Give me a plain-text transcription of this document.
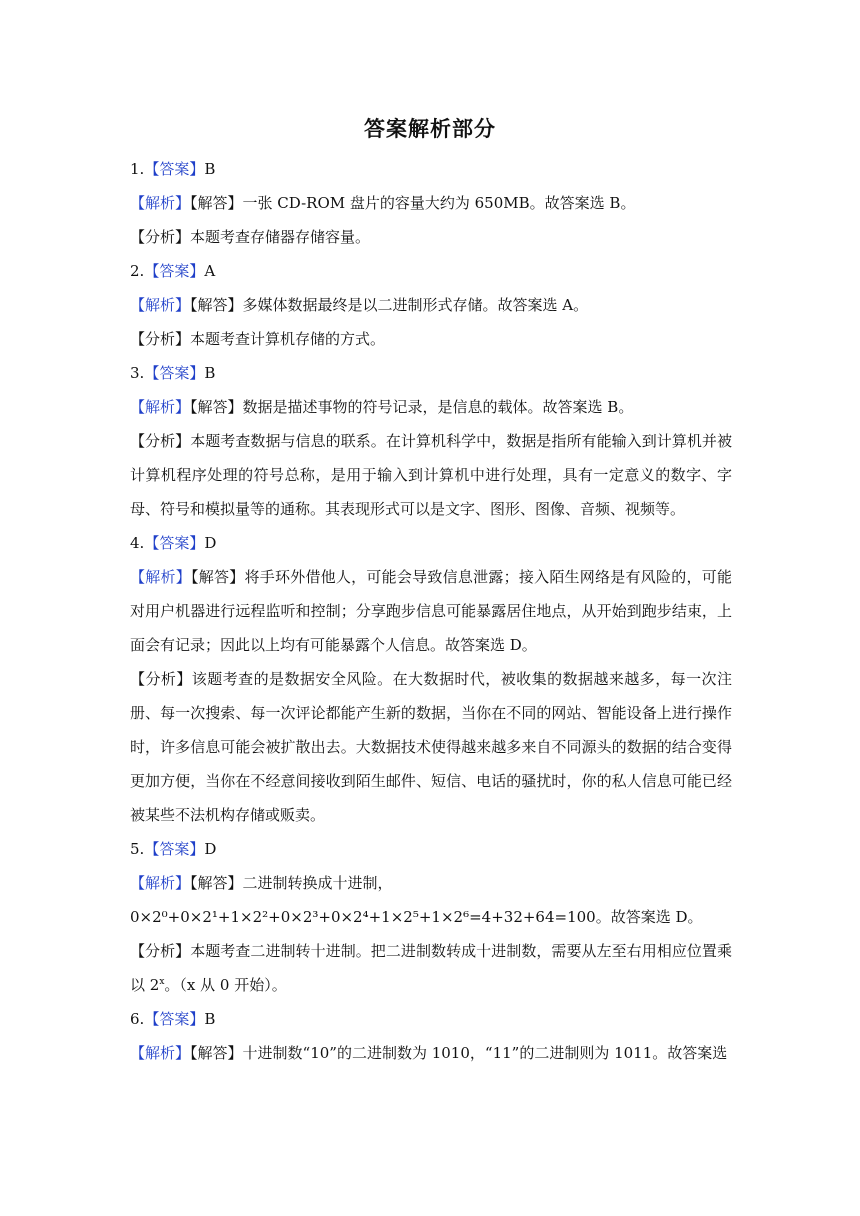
答案解析部分
1.【答案】B
【解析】【解答】一张 CD-ROM 盘片的容量大约为 650MB。故答案选 B。
【分析】本题考查存储器存储容量。
2.【答案】A
【解析】【解答】多媒体数据最终是以二进制形式存储。故答案选 A。
【分析】本题考查计算机存储的方式。
3.【答案】B
【解析】【解答】数据是描述事物的符号记录，是信息的载体。故答案选 B。
【分析】本题考查数据与信息的联系。在计算机科学中，数据是指所有能输入到计算机并被计算机程序处理的符号总称，是用于输入到计算机中进行处理，具有一定意义的数字、字母、符号和模拟量等的通称。其表现形式可以是文字、图形、图像、音频、视频等。
4.【答案】D
【解析】【解答】将手环外借他人，可能会导致信息泄露；接入陌生网络是有风险的，可能对用户机器进行远程监听和控制；分享跑步信息可能暴露居住地点，从开始到跑步结束，上面会有记录；因此以上均有可能暴露个人信息。故答案选 D。
【分析】该题考查的是数据安全风险。在大数据时代，被收集的数据越来越多，每一次注册、每一次搜索、每一次评论都能产生新的数据，当你在不同的网站、智能设备上进行操作时，许多信息可能会被扩散出去。大数据技术使得越来越多来自不同源头的数据的结合变得更加方便，当你在不经意间接收到陌生邮件、短信、电话的骚扰时，你的私人信息可能已经被某些不法机构存储或贩卖。
5.【答案】D
【解析】【解答】二进制转换成十进制，
0×2⁰+0×2¹+1×2²+0×2³+0×2⁴+1×2⁵+1×2⁶=4+32+64=100。故答案选 D。
【分析】本题考查二进制转十进制。把二进制数转成十进制数，需要从左至右用相应位置乘以 2$^x$。（x 从 0 开始）。
6.【答案】B
【解析】【解答】十进制数“10”的二进制数为 1010，“11”的二进制则为 1011。故答案选
